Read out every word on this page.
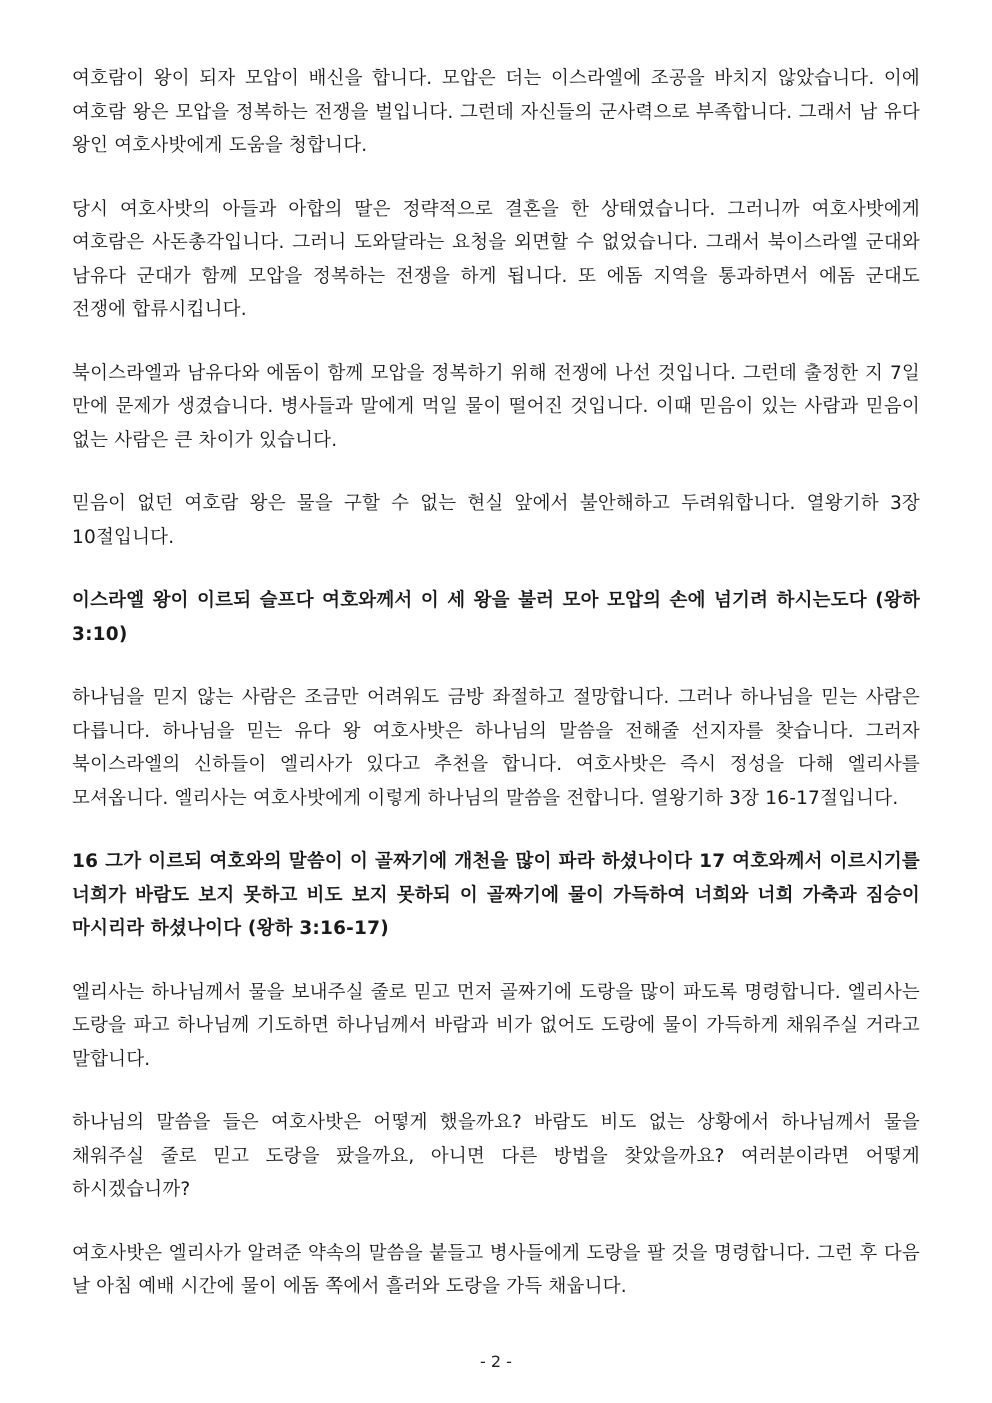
여호람이 왕이 되자 모압이 배신을 합니다. 모압은 더는 이스라엘에 조공을 바치지 않았습니다. 이에 여호람 왕은 모압을 정복하는 전쟁을 벌입니다. 그런데 자신들의 군사력으로 부족합니다. 그래서 남 유다 왕인 여호사밧에게 도움을 청합니다.

당시 여호사밧의 아들과 아합의 딸은 정략적으로 결혼을 한 상태였습니다. 그러니까 여호사밧에게 여호람은 사돈총각입니다. 그러니 도와달라는 요청을 외면할 수 없었습니다. 그래서 북이스라엘 군대와 남유다 군대가 함께 모압을 정복하는 전쟁을 하게 됩니다. 또 에돔 지역을 통과하면서 에돔 군대도 전쟁에 합류시킵니다.

북이스라엘과 남유다와 에돔이 함께 모압을 정복하기 위해 전쟁에 나선 것입니다. 그런데 출정한 지 7일 만에 문제가 생겼습니다. 병사들과 말에게 먹일 물이 떨어진 것입니다. 이때 믿음이 있는 사람과 믿음이 없는 사람은 큰 차이가 있습니다.

믿음이 없던 여호람 왕은 물을 구할 수 없는 현실 앞에서 불안해하고 두려워합니다. 열왕기하 3장 10절입니다.

이스라엘 왕이 이르되 슬프다 여호와께서 이 세 왕을 불러 모아 모압의 손에 넘기려 하시는도다 (왕하 3:10)

하나님을 믿지 않는 사람은 조금만 어려워도 금방 좌절하고 절망합니다. 그러나 하나님을 믿는 사람은 다릅니다. 하나님을 믿는 유다 왕 여호사밧은 하나님의 말씀을 전해줄 선지자를 찾습니다. 그러자 북이스라엘의 신하들이 엘리사가 있다고 추천을 합니다. 여호사밧은 즉시 정성을 다해 엘리사를 모셔옵니다. 엘리사는 여호사밧에게 이렇게 하나님의 말씀을 전합니다. 열왕기하 3장 16-17절입니다.

16 그가 이르되 여호와의 말씀이 이 골짜기에 개천을 많이 파라 하셨나이다 17 여호와께서 이르시기를 너희가 바람도 보지 못하고 비도 보지 못하되 이 골짜기에 물이 가득하여 너희와 너희 가축과 짐승이 마시리라 하셨나이다 (왕하 3:16-17)

엘리사는 하나님께서 물을 보내주실 줄로 믿고 먼저 골짜기에 도랑을 많이 파도록 명령합니다. 엘리사는 도랑을 파고 하나님께 기도하면 하나님께서 바람과 비가 없어도 도랑에 물이 가득하게 채워주실 거라고 말합니다.

하나님의 말씀을 들은 여호사밧은 어떻게 했을까요? 바람도 비도 없는 상황에서 하나님께서 물을 채워주실 줄로 믿고 도랑을 팠을까요, 아니면 다른 방법을 찾았을까요? 여러분이라면 어떻게 하시겠습니까?

여호사밧은 엘리사가 알려준 약속의 말씀을 붙들고 병사들에게 도랑을 팔 것을 명령합니다. 그런 후 다음 날 아침 예배 시간에 물이 에돔 쪽에서 흘러와 도랑을 가득 채웁니다.

- 2 -
